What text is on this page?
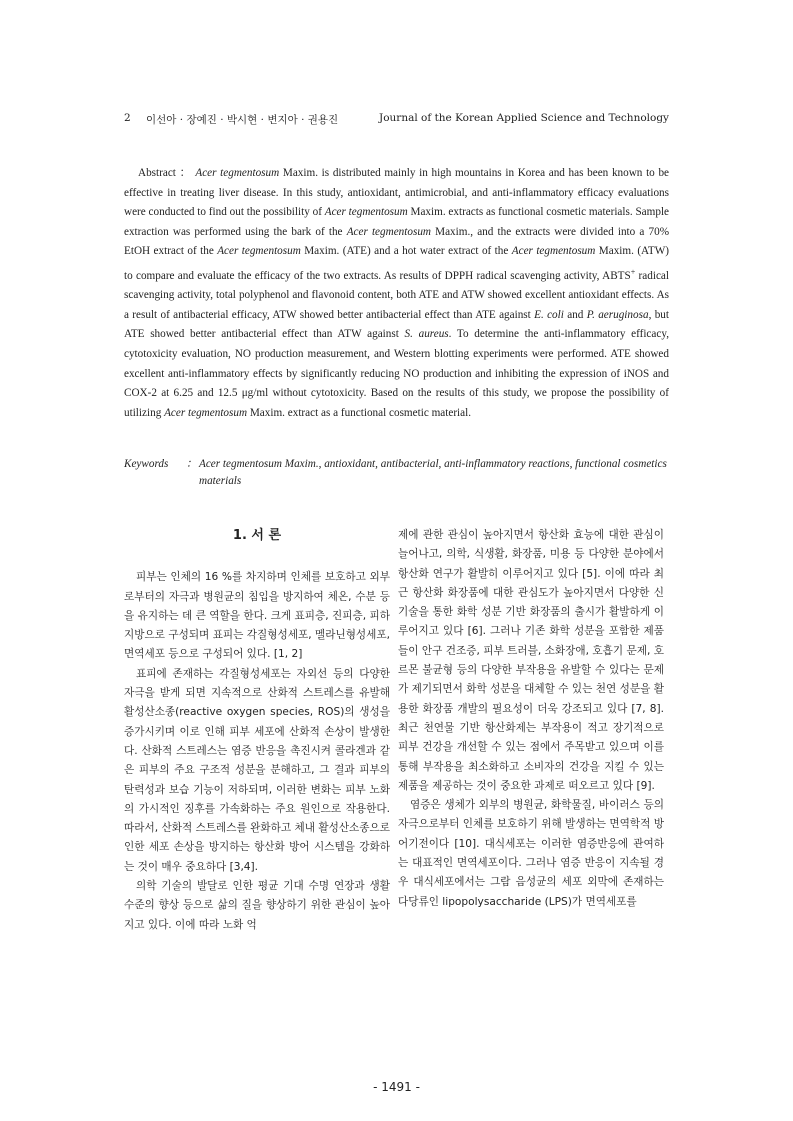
2 이선아 · 장예진 · 박시현 · 변지아 · 권용진	Journal of the Korean Applied Science and Technology
Abstract ： Acer tegmentosum Maxim. is distributed mainly in high mountains in Korea and has been known to be effective in treating liver disease. In this study, antioxidant, antimicrobial, and anti-inflammatory efficacy evaluations were conducted to find out the possibility of Acer tegmentosum Maxim. extracts as functional cosmetic materials. Sample extraction was performed using the bark of the Acer tegmentosum Maxim., and the extracts were divided into a 70% EtOH extract of the Acer tegmentosum Maxim. (ATE) and a hot water extract of the Acer tegmentosum Maxim. (ATW) to compare and evaluate the efficacy of the two extracts. As results of DPPH radical scavenging activity, ABTS+ radical scavenging activity, total polyphenol and flavonoid content, both ATE and ATW showed excellent antioxidant effects. As a result of antibacterial efficacy, ATW showed better antibacterial effect than ATE against E. coli and P. aeruginosa, but ATE showed better antibacterial effect than ATW against S. aureus. To determine the anti-inflammatory efficacy, cytotoxicity evaluation, NO production measurement, and Western blotting experiments were performed. ATE showed excellent anti-inflammatory effects by significantly reducing NO production and inhibiting the expression of iNOS and COX-2 at 6.25 and 12.5 μg/ml without cytotoxicity. Based on the results of this study, we propose the possibility of utilizing Acer tegmentosum Maxim. extract as a functional cosmetic material.
Keywords ： Acer tegmentosum Maxim., antioxidant, antibacterial, anti-inflammatory reactions, functional cosmetics materials
1. 서 론

피부는 인체의 16 %를 차지하며 인체를 보호하고 외부로부터의 자극과 병원균의 침입을 방지하여 체온, 수분 등을 유지하는 데 큰 역할을 한다. 크게 표피층, 진피층, 피하지방으로 구성되며 표피는 각질형성세포, 멜라닌형성세포, 면역세포 등으로 구성되어 있다. [1, 2]

표피에 존재하는 각질형성세포는 자외선 등의 다양한 자극을 받게 되면 지속적으로 산화적 스트레스를 유발해 활성산소종(reactive oxygen species, ROS)의 생성을 증가시키며 이로 인해 피부 세포에 산화적 손상이 발생한다. 산화적 스트레스는 염증 반응을 촉진시켜 콜라겐과 같은 피부의 주요 구조적 성분을 분해하고, 그 결과 피부의 탄력성과 보습 기능이 저하되며, 이러한 변화는 피부 노화의 가시적인 징후를 가속화하는 주요 원인으로 작용한다. 따라서, 산화적 스트레스를 완화하고 체내 활성산소종으로 인한 세포 손상을 방지하는 항산화 방어 시스템을 강화하는 것이 매우 중요하다 [3,4].

의학 기술의 발달로 인한 평균 기대 수명 연장과 생활 수준의 향상 등으로 삶의 질을 향상하기 위한 관심이 높아지고 있다. 이에 따라 노화 억

제에 관한 관심이 높아지면서 항산화 효능에 대한 관심이 늘어나고, 의학, 식생활, 화장품, 미용 등 다양한 분야에서 항산화 연구가 활발히 이루어지고 있다 [5]. 이에 따라 최근 항산화 화장품에 대한 관심도가 높아지면서 다양한 신기술을 통한 화학 성분 기반 화장품의 출시가 활발하게 이루어지고 있다 [6]. 그러나 기존 화학 성분을 포함한 제품들이 안구 건조증, 피부 트러블, 소화장애, 호흡기 문제, 호르몬 불균형 등의 다양한 부작용을 유발할 수 있다는 문제가 제기되면서 화학 성분을 대체할 수 있는 천연 성분을 활용한 화장품 개발의 필요성이 더욱 강조되고 있다 [7, 8]. 최근 천연물 기반 항산화제는 부작용이 적고 장기적으로 피부 건강을 개선할 수 있는 점에서 주목받고 있으며 이를 통해 부작용을 최소화하고 소비자의 건강을 지킬 수 있는 제품을 제공하는 것이 중요한 과제로 떠오르고 있다 [9].

염증은 생체가 외부의 병원균, 화학물질, 바이러스 등의 자극으로부터 인체를 보호하기 위해 발생하는 면역학적 방어기전이다 [10]. 대식세포는 이러한 염증반응에 관여하는 대표적인 면역세포이다. 그러나 염증 반응이 지속될 경우 대식세포에서는 그람 음성균의 세포 외막에 존재하는 다당류인 lipopolysaccharide (LPS)가 면역세포를

- 1491 -
